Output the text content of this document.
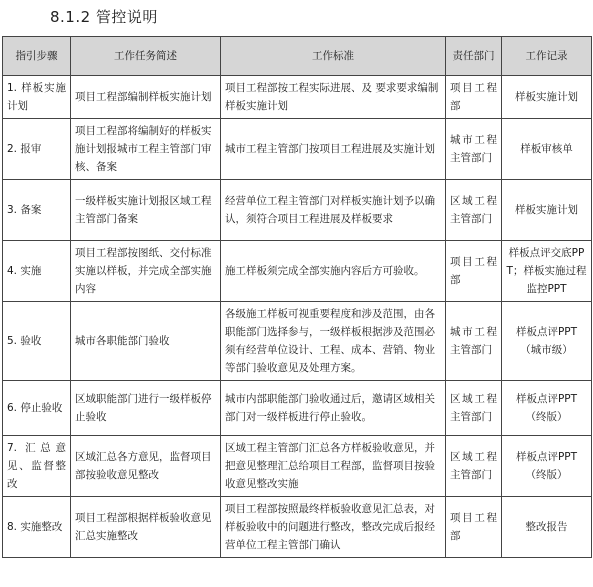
8.1.2 管控说明
指引步骤	工作任务简述	工作标准	责任部门	工作记录
1. 样板实施计划	项目工程部编制样板实施计划	项目工程部按工程实际进展、及 要求要求编制样板实施计划	项目工程部	样板实施计划
2. 报审	项目工程部将编制好的样板实施计划报城市工程主管部门审核、备案	城市工程主管部门按项目工程进展及实施计划	城市工程主管部门	样板审核单
3. 备案	一级样板实施计划报区域工程主管部门备案	经营单位工程主管部门对样板实施计划予以确认，须符合项目工程进展及样板要求	区域工程主管部门	样板实施计划
4. 实施	项目工程部按图纸、交付标准实施以样板，并完成全部实施内容	施工样板须完成全部实施内容后方可验收。	项目工程部	样板点评交底PPT；样板实施过程监控PPT
5. 验收	城市各职能部门验收	各级施工样板可视重要程度和涉及范围，由各职能部门选择参与，一级样板根据涉及范围必须有经营单位设计、工程、成本、营销、物业等部门验收意见及处理方案。	城市工程主管部门	样板点评PPT（城市级）
6. 停止验收	区域职能部门进行一级样板停止验收	城市内部职能部门验收通过后，邀请区域相关部门对一级样板进行停止验收。	区域工程主管部门	样板点评PPT（终版）
7. 汇总意见、监督整改	区域汇总各方意见，监督项目部按验收意见整改	区域工程主管部门汇总各方样板验收意见，并把意见整理汇总给项目工程部，监督项目按验收意见整改实施	区域工程主管部门	样板点评PPT（终版）
8. 实施整改	项目工程部根据样板验收意见汇总实施整改	项目工程部按照最终样板验收意见汇总表，对样板验收中的问题进行整改，整改完成后报经营单位工程主管部门确认	项目工程部	整改报告
